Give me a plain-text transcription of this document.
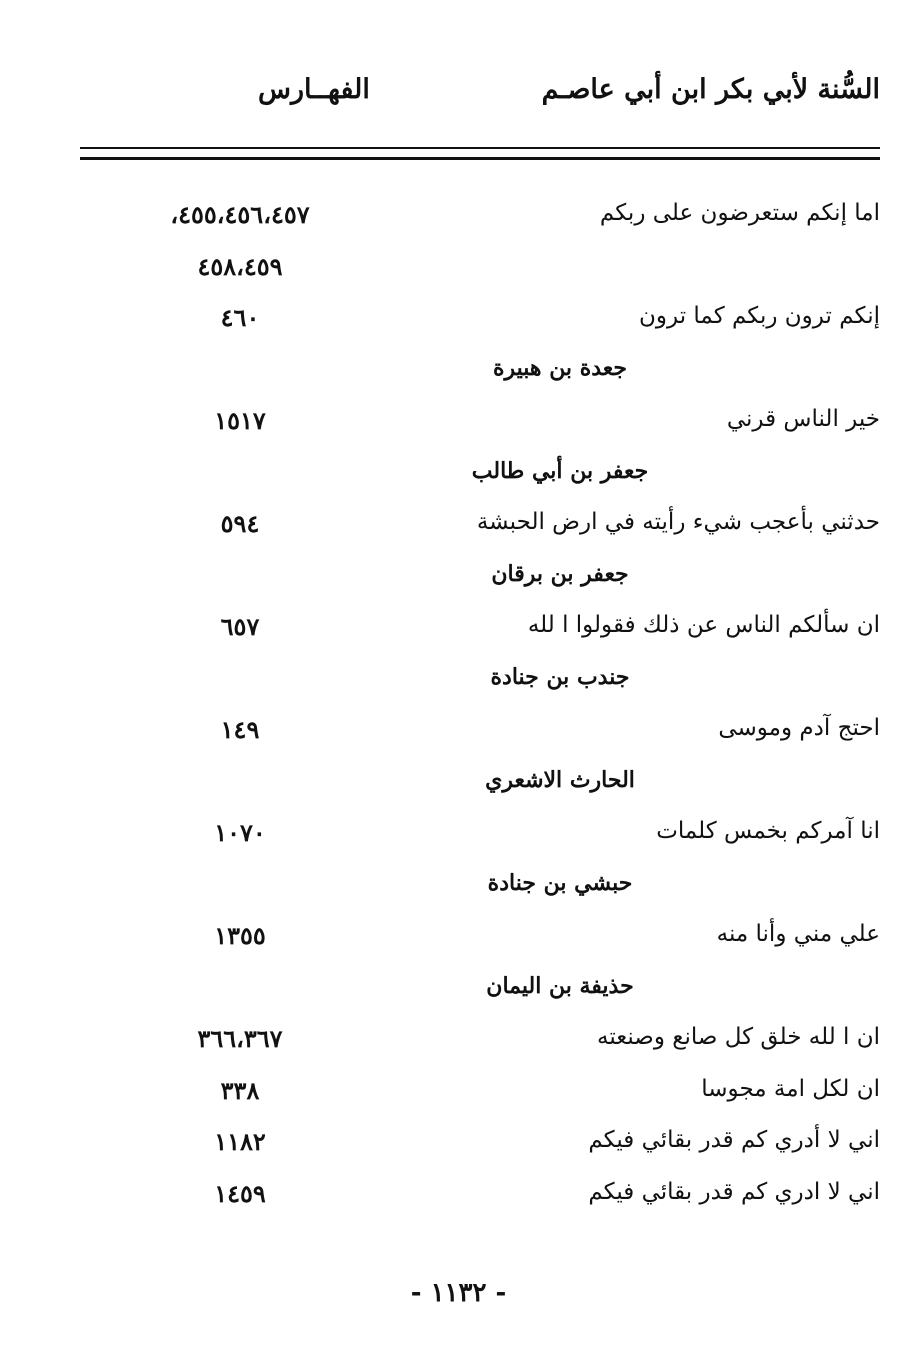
السُّنة لأبي بكر ابن أبي عاصـم
الفهــارس
اما إنكم ستعرضون على ربكم
٤٥٥،٤٥٦،٤٥٧،
٤٥٨،٤٥٩
إنكم ترون ربكم كما ترون
٤٦٠
جعدة بن هبيرة
خير الناس قرني
١٥١٧
جعفر بن أبي طالب
حدثني بأعجب شيء رأيته في ارض الحبشة
٥٩٤
جعفر بن برقان
ان سألكم الناس عن ذلك فقولوا ا لله
٦٥٧
جندب بن جنادة
احتج آدم وموسى
١٤٩
الحارث الاشعري
انا آمركم بخمس كلمات
١٠٧٠
حبشي بن جنادة
علي مني وأنا منه
١٣٥٥
حذيفة بن اليمان
ان ا لله خلق كل صانع وصنعته
٣٦٦،٣٦٧
ان لكل امة مجوسا
٣٣٨
اني لا أدري كم قدر بقائي فيكم
١١٨٢
اني لا ادري كم قدر بقائي فيكم
١٤٥٩
- ١١٣٢ -
